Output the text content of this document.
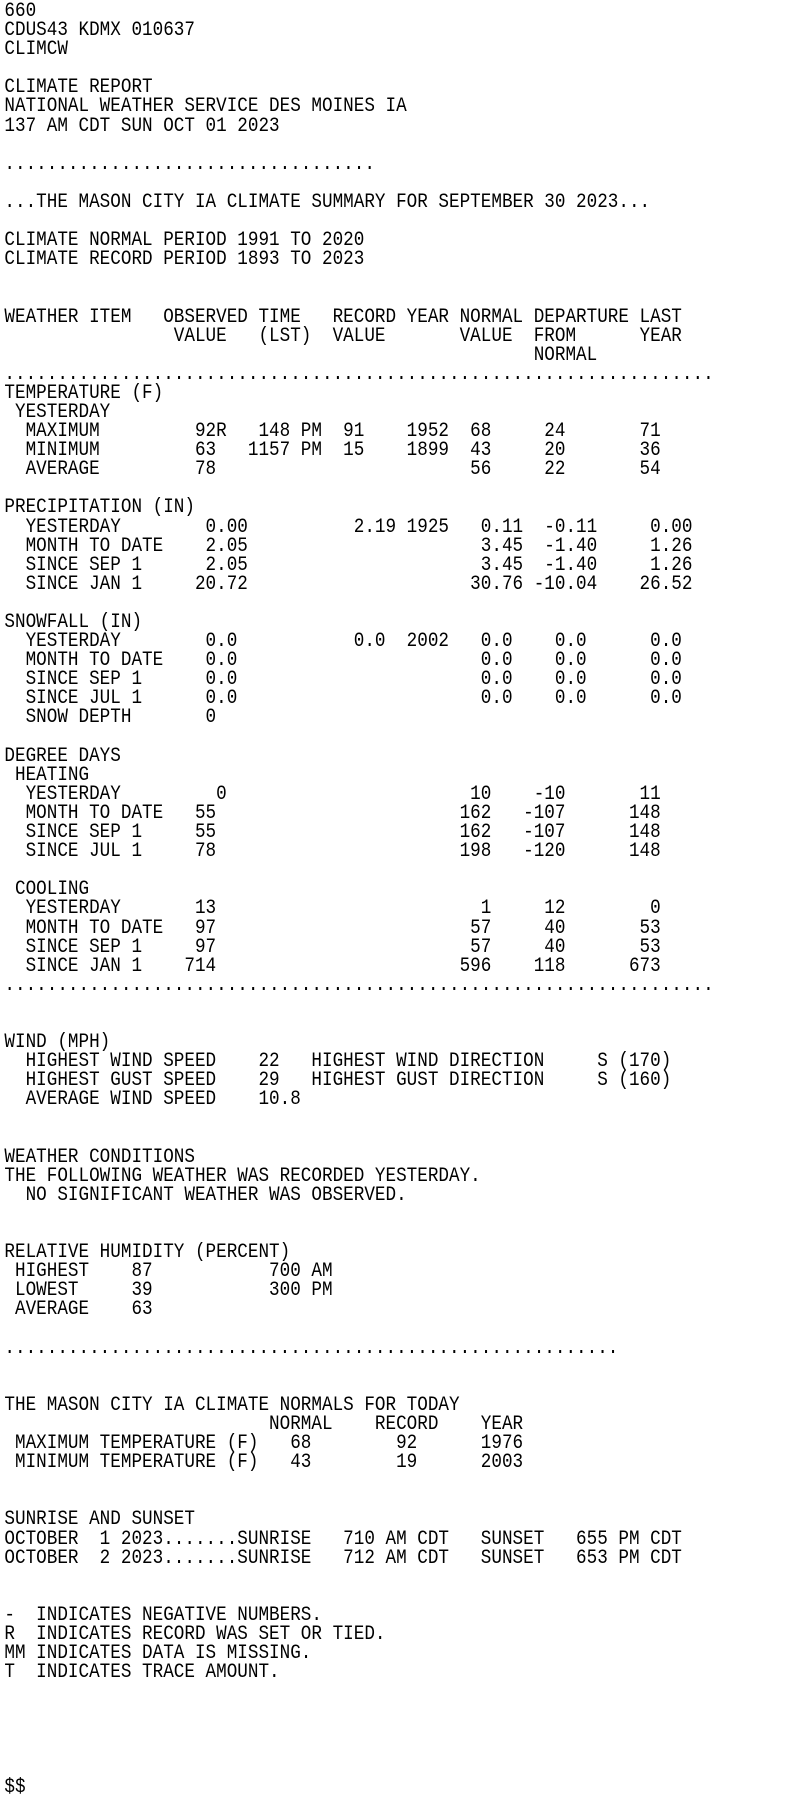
660
CDUS43 KDMX 010637
CLIMCW
CLIMATE REPORT
NATIONAL WEATHER SERVICE DES MOINES IA
137 AM CDT SUN OCT 01 2023
...................................
...THE MASON CITY IA CLIMATE SUMMARY FOR SEPTEMBER 30 2023...
CLIMATE NORMAL PERIOD 1991 TO 2020
CLIMATE RECORD PERIOD 1893 TO 2023
WEATHER ITEM   OBSERVED TIME   RECORD YEAR NORMAL DEPARTURE LAST
VALUE   (LST)  VALUE       VALUE  FROM      YEAR
NORMAL
...................................................................
TEMPERATURE (F)
YESTERDAY
MAXIMUM         92R   148 PM  91    1952  68     24       71
MINIMUM         63   1157 PM  15    1899  43     20       36
AVERAGE         78                        56     22       54
PRECIPITATION (IN)
YESTERDAY        0.00          2.19 1925   0.11  -0.11     0.00
MONTH TO DATE    2.05                      3.45  -1.40     1.26
SINCE SEP 1      2.05                      3.45  -1.40     1.26
SINCE JAN 1     20.72                     30.76 -10.04    26.52
SNOWFALL (IN)
YESTERDAY        0.0           0.0  2002   0.0    0.0      0.0
MONTH TO DATE    0.0                       0.0    0.0      0.0
SINCE SEP 1      0.0                       0.0    0.0      0.0
SINCE JUL 1      0.0                       0.0    0.0      0.0
SNOW DEPTH       0
DEGREE DAYS
HEATING
YESTERDAY         0                       10    -10       11
MONTH TO DATE   55                       162   -107      148
SINCE SEP 1     55                       162   -107      148
SINCE JUL 1     78                       198   -120      148
COOLING
YESTERDAY       13                         1     12        0
MONTH TO DATE   97                        57     40       53
SINCE SEP 1     97                        57     40       53
SINCE JAN 1    714                       596    118      673
...................................................................
WIND (MPH)
HIGHEST WIND SPEED    22   HIGHEST WIND DIRECTION     S (170)
HIGHEST GUST SPEED    29   HIGHEST GUST DIRECTION     S (160)
AVERAGE WIND SPEED    10.8
WEATHER CONDITIONS
THE FOLLOWING WEATHER WAS RECORDED YESTERDAY.
NO SIGNIFICANT WEATHER WAS OBSERVED.
RELATIVE HUMIDITY (PERCENT)
HIGHEST    87           700 AM
LOWEST     39           300 PM
AVERAGE    63
..........................................................
THE MASON CITY IA CLIMATE NORMALS FOR TODAY
NORMAL    RECORD    YEAR
MAXIMUM TEMPERATURE (F)   68        92      1976
MINIMUM TEMPERATURE (F)   43        19      2003
SUNRISE AND SUNSET
OCTOBER  1 2023.......SUNRISE   710 AM CDT   SUNSET   655 PM CDT
OCTOBER  2 2023.......SUNRISE   712 AM CDT   SUNSET   653 PM CDT
-  INDICATES NEGATIVE NUMBERS.
R  INDICATES RECORD WAS SET OR TIED.
MM INDICATES DATA IS MISSING.
T  INDICATES TRACE AMOUNT.
$$
